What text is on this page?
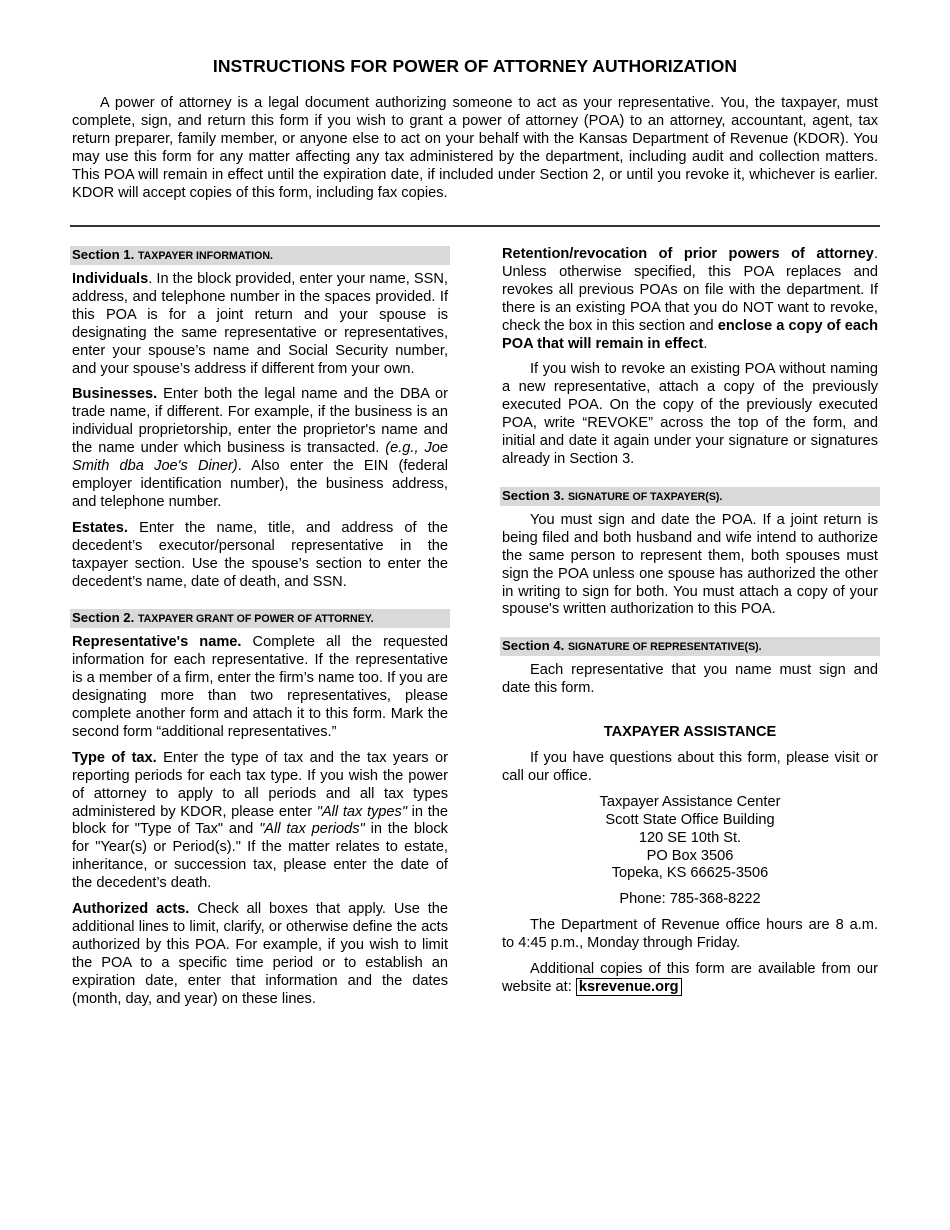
INSTRUCTIONS FOR POWER OF ATTORNEY AUTHORIZATION

A power of attorney is a legal document authorizing someone to act as your representative. You, the taxpayer, must complete, sign, and return this form if you wish to grant a power of attorney (POA) to an attorney, accountant, agent, tax return preparer, family member, or anyone else to act on your behalf with the Kansas Department of Revenue (KDOR). You may use this form for any matter affecting any tax administered by the department, including audit and collection matters. This POA will remain in effect until the expiration date, if included under Section 2, or until you revoke it, whichever is earlier. KDOR will accept copies of this form, including fax copies.

Section 1. TAXPAYER INFORMATION.

Individuals. In the block provided, enter your name, SSN, address, and telephone number in the spaces provided. If this POA is for a joint return and your spouse is designating the same representative or representatives, enter your spouse’s name and Social Security number, and your spouse’s address if different from your own.

Businesses. Enter both the legal name and the DBA or trade name, if different. For example, if the business is an individual proprietorship, enter the proprietor's name and the name under which business is transacted. (e.g., Joe Smith dba Joe's Diner). Also enter the EIN (federal employer identification number), the business address, and telephone number.

Estates. Enter the name, title, and address of the decedent’s executor/personal representative in the taxpayer section. Use the spouse’s section to enter the decedent’s name, date of death, and SSN.

Section 2. TAXPAYER GRANT OF POWER OF ATTORNEY.

Representative's name. Complete all the requested information for each representative. If the representative is a member of a firm, enter the firm’s name too. If you are designating more than two representatives, please complete another form and attach it to this form. Mark the second form “additional representatives.”

Type of tax. Enter the type of tax and the tax years or reporting periods for each tax type. If you wish the power of attorney to apply to all periods and all tax types administered by KDOR, please enter "All tax types" in the block for "Type of Tax" and "All tax periods" in the block for "Year(s) or Period(s)." If the matter relates to estate, inheritance, or succession tax, please enter the date of the decedent’s death.

Authorized acts. Check all boxes that apply. Use the additional lines to limit, clarify, or otherwise define the acts authorized by this POA. For example, if you wish to limit the POA to a specific time period or to establish an expiration date, enter that information and the dates (month, day, and year) on these lines.

Retention/revocation of prior powers of attorney. Unless otherwise specified, this POA replaces and revokes all previous POAs on file with the department. If there is an existing POA that you do NOT want to revoke, check the box in this section and enclose a copy of each POA that will remain in effect.

If you wish to revoke an existing POA without naming a new representative, attach a copy of the previously executed POA. On the copy of the previously executed POA, write “REVOKE” across the top of the form, and initial and date it again under your signature or signatures already in Section 3.

Section 3. SIGNATURE OF TAXPAYER(S).

You must sign and date the POA. If a joint return is being filed and both husband and wife intend to authorize the same person to represent them, both spouses must sign the POA unless one spouse has authorized the other in writing to sign for both. You must attach a copy of your spouse's written authorization to this POA.

Section 4. SIGNATURE OF REPRESENTATIVE(S).

Each representative that you name must sign and date this form.

TAXPAYER ASSISTANCE

If you have questions about this form, please visit or call our office.

Taxpayer Assistance Center
Scott State Office Building
120 SE 10th St.
PO Box 3506
Topeka, KS 66625-3506
Phone: 785-368-8222

The Department of Revenue office hours are 8 a.m. to 4:45 p.m., Monday through Friday.

Additional copies of this form are available from our website at: ksrevenue.org
